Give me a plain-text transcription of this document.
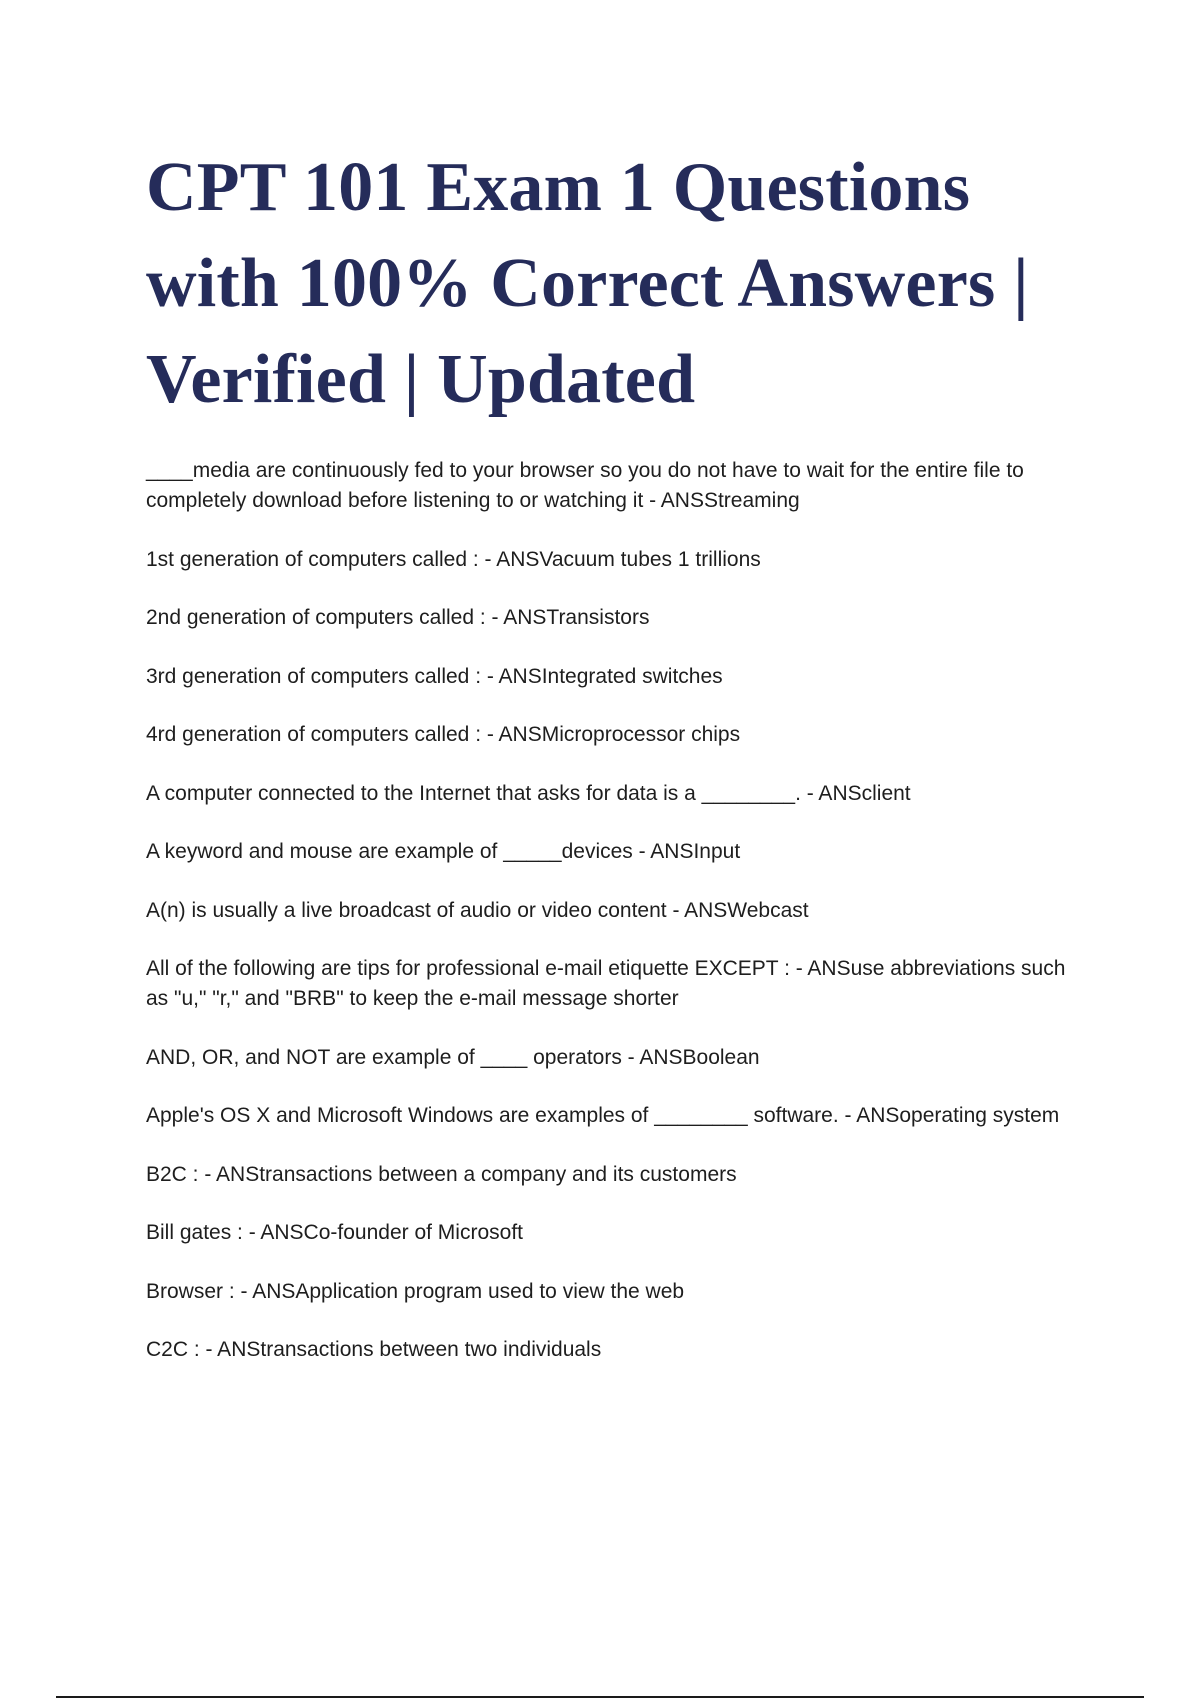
CPT 101 Exam 1 Questions with 100% Correct Answers | Verified | Updated
____media are continuously fed to your browser so you do not have to wait for the entire file to completely download before listening to or watching it - ANSStreaming
1st generation of computers called : - ANSVacuum tubes 1 trillions
2nd generation of computers called : - ANSTransistors
3rd generation of computers called : - ANSIntegrated switches
4rd generation of computers called : - ANSMicroprocessor chips
A computer connected to the Internet that asks for data is a ________. - ANSclient
A keyword and mouse are example of _____devices - ANSInput
A(n) is usually a live broadcast of audio or video content - ANSWebcast
All of the following are tips for professional e-mail etiquette EXCEPT : - ANSuse abbreviations such as "u," "r," and "BRB" to keep the e-mail message shorter
AND, OR, and NOT are example of ____ operators - ANSBoolean
Apple's OS X and Microsoft Windows are examples of ________ software. - ANSoperating system
B2C : - ANStransactions between a company and its customers
Bill gates : - ANSCo-founder of Microsoft
Browser : - ANSApplication program used to view the web
C2C : - ANStransactions between two individuals
